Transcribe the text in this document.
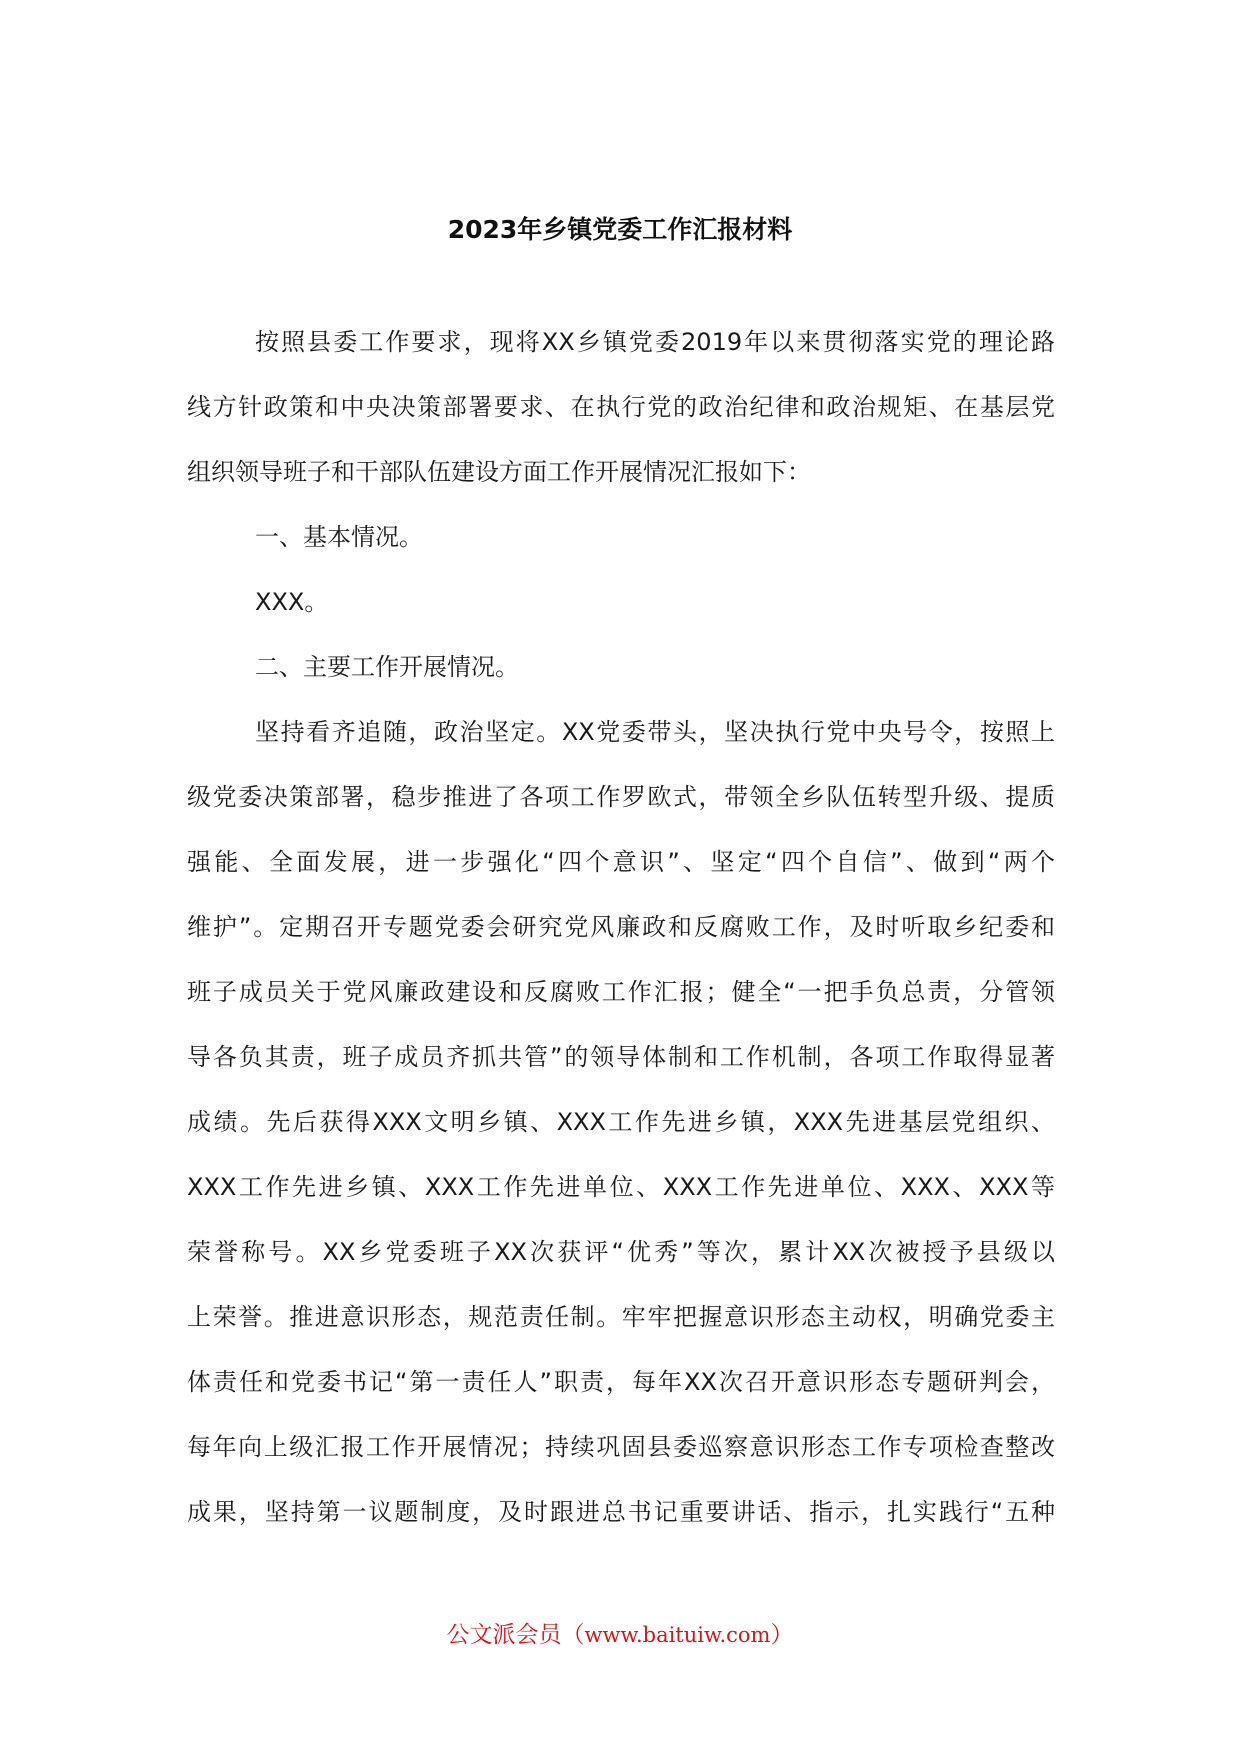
2023年乡镇党委工作汇报材料
按照县委工作要求，现将XX乡镇党委2019年以来贯彻落实党的理论路
线方针政策和中央决策部署要求、在执行党的政治纪律和政治规矩、在基层党
组织领导班子和干部队伍建设方面工作开展情况汇报如下：
一、基本情况。
XXX。
二、主要工作开展情况。
坚持看齐追随，政治坚定。XX党委带头，坚决执行党中央号令，按照上
级党委决策部署，稳步推进了各项工作罗欧式，带领全乡队伍转型升级、提质
强能、全面发展，进一步强化“四个意识”、坚定“四个自信”、做到“两个
维护”。定期召开专题党委会研究党风廉政和反腐败工作，及时听取乡纪委和
班子成员关于党风廉政建设和反腐败工作汇报；健全“一把手负总责，分管领
导各负其责，班子成员齐抓共管”的领导体制和工作机制，各项工作取得显著
成绩。先后获得XXX文明乡镇、XXX工作先进乡镇，XXX先进基层党组织、
XXX工作先进乡镇、XXX工作先进单位、XXX工作先进单位、XXX、XXX等
荣誉称号。XX乡党委班子XX次获评“优秀”等次，累计XX次被授予县级以
上荣誉。推进意识形态，规范责任制。牢牢把握意识形态主动权，明确党委主
体责任和党委书记“第一责任人”职责，每年XX次召开意识形态专题研判会，
每年向上级汇报工作开展情况；持续巩固县委巡察意识形态工作专项检查整改
成果，坚持第一议题制度，及时跟进总书记重要讲话、指示，扎实践行“五种
公文派会员（www.baituiw.com）
